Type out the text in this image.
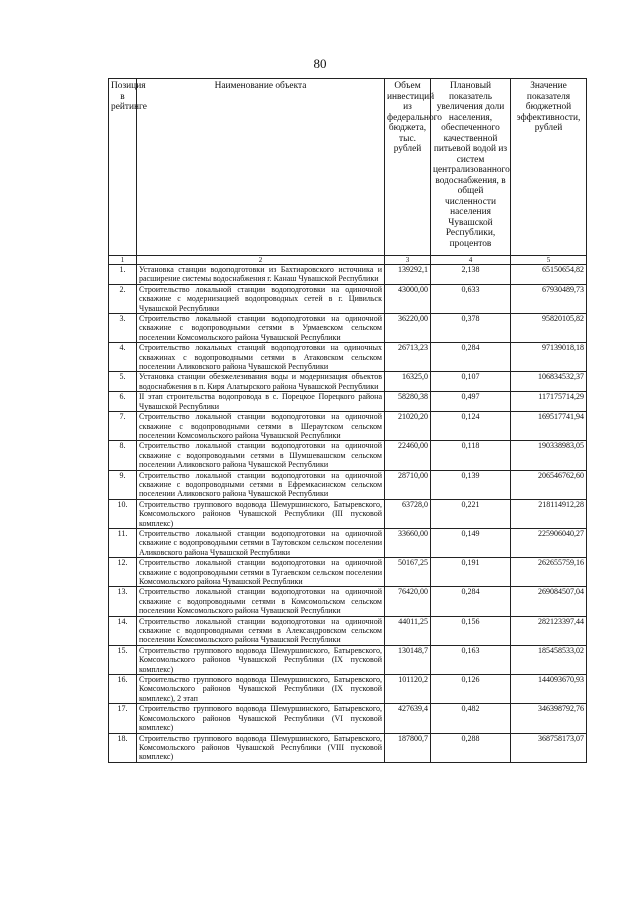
80
Позиция в рейтинге	Наименование объекта	Объем инвестиций из федерального бюджета, тыс. рублей	Плановый показатель увеличения доли населения, обеспеченного качественной питьевой водой из систем централизованного водоснабжения, в общей численности населения Чувашской Республики, процентов	Значение показателя бюджетной эффективности, рублей
1	2	3	4	5
1.	Установка станции водоподготовки из Бахтиаровского источника и расширение системы водоснабжения г. Канаш Чувашской Республики	139292,1	2,138	65150654,82
2.	Строительство локальной станции водоподготовки на одиночной скважине с модернизацией водопроводных сетей в г. Цивильск Чувашской Республики	43000,00	0,633	67930489,73
3.	Строительство локальной станции водоподготовки на одиночной скважине с водопроводными сетями в Урмаевском сельском поселении Комсомольского района Чувашской Республики	36220,00	0,378	95820105,82
4.	Строительство локальных станций водоподготовки на одиночных скважинах с водопроводными сетями в Атаковском сельском поселении Аликовского района Чувашской Республики	26713,23	0,284	97139018,18
5.	Установка станции обезжелезивания воды и модернизация объектов водоснабжения в п. Киря Алатырского района Чувашской Республики	16325,0	0,107	106834532,37
6.	II этап строительства водопровода в с. Порецкое Порецкого района Чувашской Республики	58280,38	0,497	117175714,29
7.	Строительство локальной станции водоподготовки на одиночной скважине с водопроводными сетями в Шераутском сельском поселении Комсомольского района Чувашской Республики	21020,20	0,124	169517741,94
8.	Строительство локальной станции водоподготовки на одиночной скважине с водопроводными сетями в Шумшевашском сельском поселении Аликовского района Чувашской Республики	22460,00	0,118	190338983,05
9.	Строительство локальной станции водоподготовки на одиночной скважине с водопроводными сетями в Ефремкасинском сельском поселении Аликовского района Чувашской Республики	28710,00	0,139	206546762,60
10.	Строительство группового водовода Шемуршинского, Батыревского, Комсомольского районов Чувашской Республики (III пусковой комплекс)	63728,0	0,221	218114912,28
11.	Строительство локальной станции водоподготовки на одиночной скважине с водопроводными сетями в Таутовском сельском поселении Аликовского района Чувашской Республики	33660,00	0,149	225906040,27
12.	Строительство локальной станции водоподготовки на одиночной скважине с водопроводными сетями в Тугаевском сельском поселении Комсомольского района Чувашской Республики	50167,25	0,191	262655759,16
13.	Строительство локальной станции водоподготовки на одиночной скважине с водопроводными сетями в Комсомольском сельском поселении Комсомольского района Чувашской Республики	76420,00	0,284	269084507,04
14.	Строительство локальной станции водоподготовки на одиночной скважине с водопроводными сетями в Александровском сельском поселении Комсомольского района Чувашской Республики	44011,25	0,156	282123397,44
15.	Строительство группового водовода Шемуршинского, Батыревского, Комсомольского районов Чувашской Республики (IX пусковой комплекс)	130148,7	0,163	185458533,02
16.	Строительство группового водовода Шемуршинского, Батыревского, Комсомольского районов Чувашской Республики (IX пусковой комплекс), 2 этап	101120,2	0,126	144093670,93
17.	Строительство группового водовода Шемуршинского, Батыревского, Комсомольского районов Чувашской Республики (VI пусковой комплекс)	427639,4	0,482	346398792,76
18.	Строительство группового водовода Шемуршинского, Батыревского, Комсомольского районов Чувашской Республики (VIII пусковой комплекс)	187800,7	0,288	368758173,07
